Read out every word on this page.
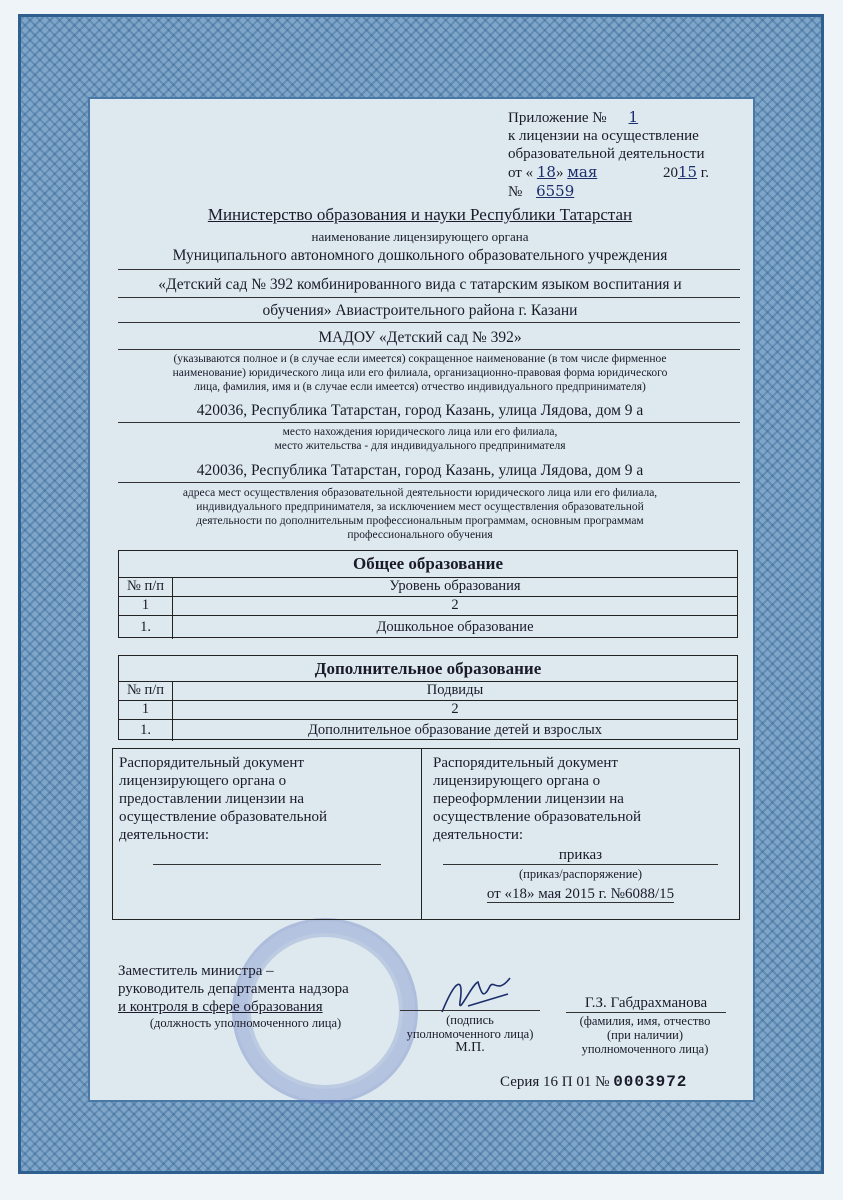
Приложение № 1
к лицензии на осуществление
образовательной деятельности
от « 18» мая	2015 г.
№ 6559
Министерство образования и науки Республики Татарстан
наименование лицензирующего органа
Муниципального автономного дошкольного образовательного учреждения
«Детский сад № 392 комбинированного вида с татарским языком воспитания и
обучения» Авиастроительного района г. Казани
МАДОУ «Детский сад № 392»
(указываются полное и (в случае если имеется) сокращенное наименование (в том числе фирменное
наименование) юридического лица или его филиала, организационно-правовая форма юридического
лица, фамилия, имя и (в случае если имеется) отчество индивидуального предпринимателя)
420036, Республика Татарстан, город Казань, улица Лядова, дом 9 а
место нахождения юридического лица или его филиала,
место жительства - для индивидуального предпринимателя
420036, Республика Татарстан, город Казань, улица Лядова, дом 9 а
адреса мест осуществления образовательной деятельности юридического лица или его филиала,
индивидуального предпринимателя, за исключением мест осуществления образовательной
деятельности по дополнительным профессиональным программам, основным программам
профессионального обучения
Общее образование
№ п/п	Уровень образования
1	2
1.	Дошкольное образование
Дополнительное образование
№ п/п	Подвиды
1	2
1.	Дополнительное образование детей и взрослых
Распорядительный документ
лицензирующего органа о
предоставлении лицензии на
осуществление образовательной
деятельности:
Распорядительный документ
лицензирующего органа о
переоформлении лицензии на
осуществление образовательной
деятельности:
приказ
(приказ/распоряжение)
от «18» мая 2015 г. №6088/15
Заместитель министра –
руководитель департамента надзора
и контроля в сфере образования
(должность уполномоченного лица)	(подпись
уполномоченного лица)
М.П.
Г.З. Габдрахманова
(фамилия, имя, отчество
(при наличии)
уполномоченного лица)
Серия 16 П 01 № 0003972
